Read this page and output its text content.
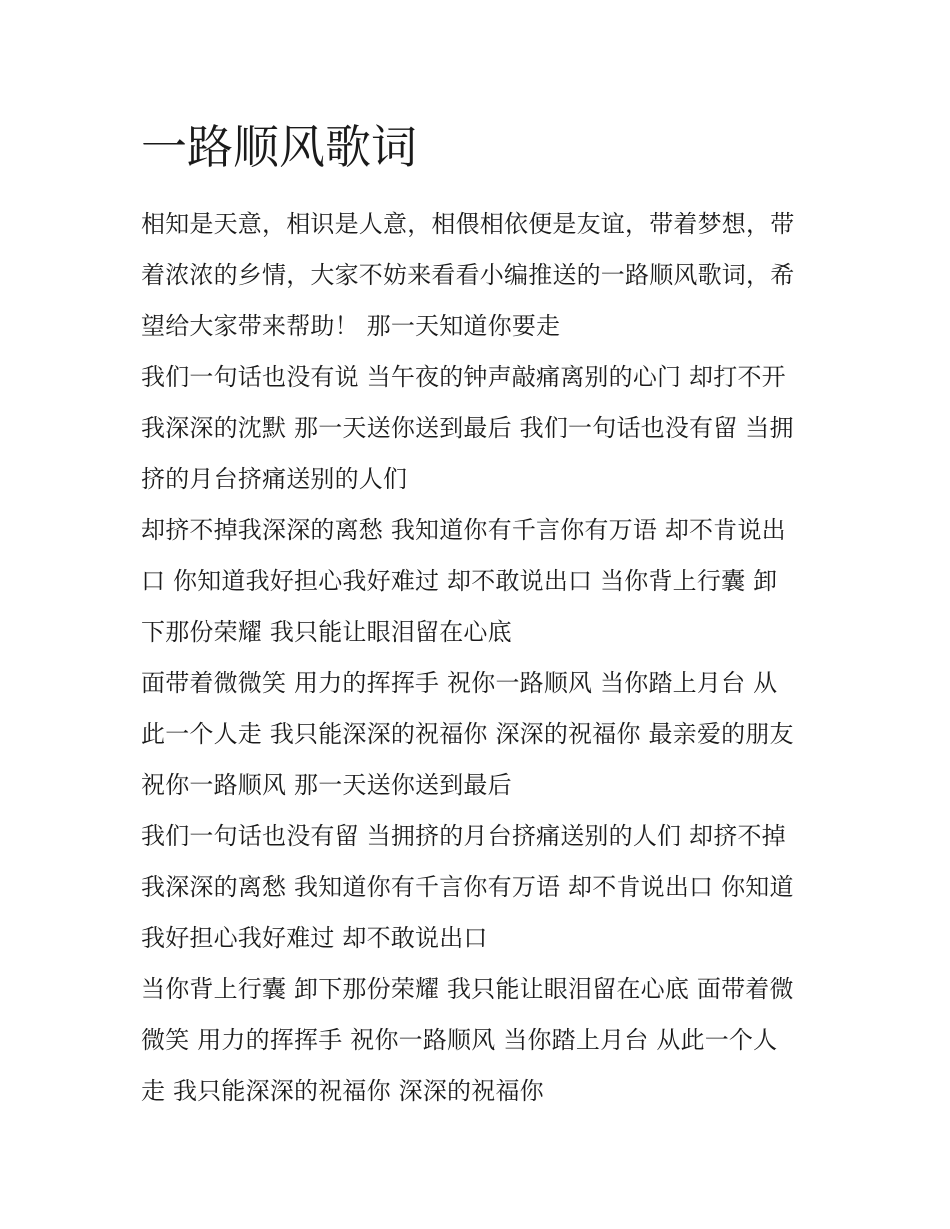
一路顺风歌词
相知是天意，相识是人意，相偎相依便是友谊，带着梦想，带
着浓浓的乡情，大家不妨来看看小编推送的一路顺风歌词，希
望给大家带来帮助！ 那一天知道你要走
我们一句话也没有说 当午夜的钟声敲痛离别的心门 却打不开
我深深的沈默 那一天送你送到最后 我们一句话也没有留 当拥
挤的月台挤痛送别的人们
却挤不掉我深深的离愁 我知道你有千言你有万语 却不肯说出
口 你知道我好担心我好难过 却不敢说出口 当你背上行囊 卸
下那份荣耀 我只能让眼泪留在心底
面带着微微笑 用力的挥挥手 祝你一路顺风 当你踏上月台 从
此一个人走 我只能深深的祝福你 深深的祝福你 最亲爱的朋友
祝你一路顺风 那一天送你送到最后
我们一句话也没有留 当拥挤的月台挤痛送别的人们 却挤不掉
我深深的离愁 我知道你有千言你有万语 却不肯说出口 你知道
我好担心我好难过 却不敢说出口
当你背上行囊 卸下那份荣耀 我只能让眼泪留在心底 面带着微
微笑 用力的挥挥手 祝你一路顺风 当你踏上月台 从此一个人
走 我只能深深的祝福你 深深的祝福你
